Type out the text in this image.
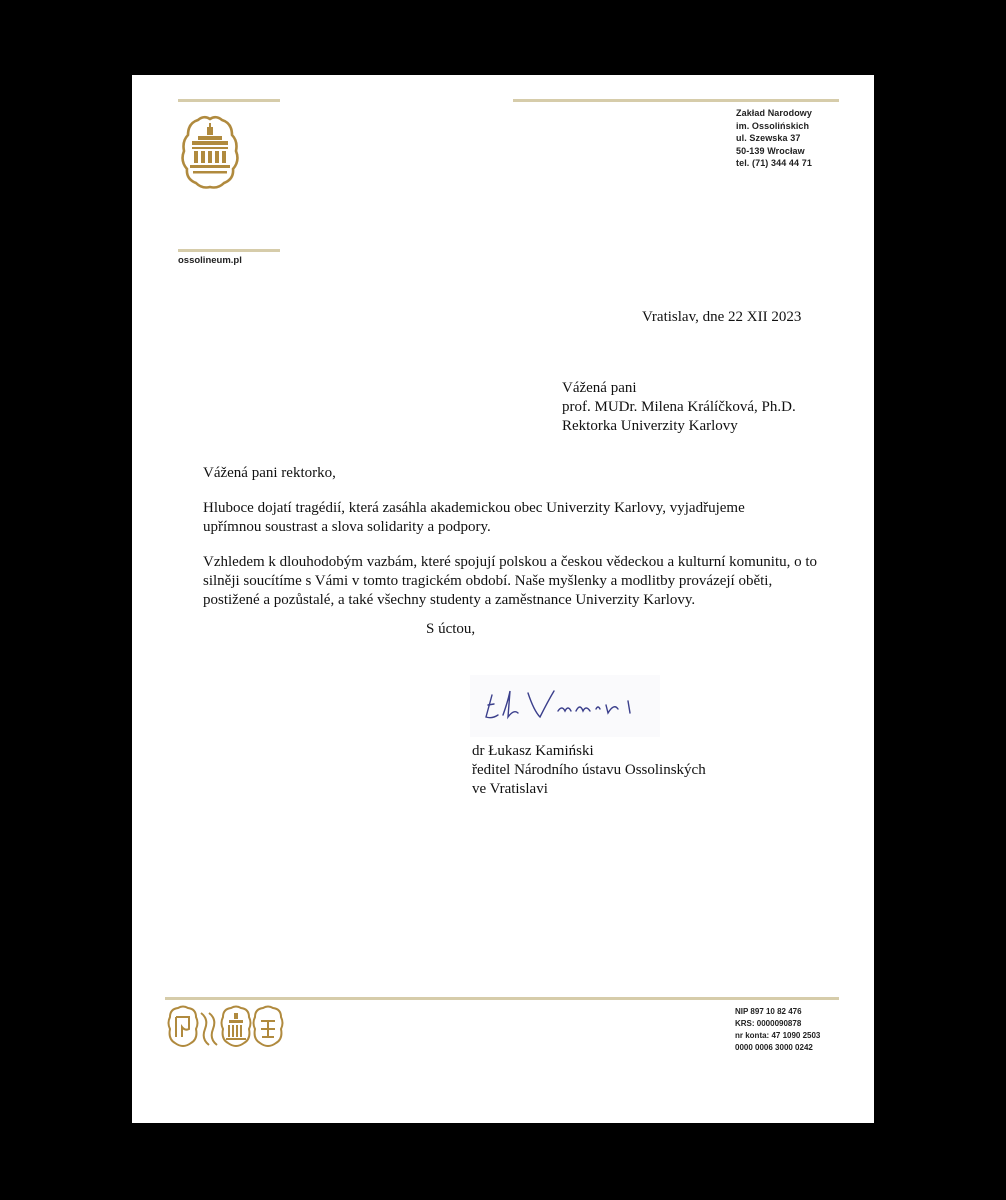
Zakład Narodowy
im. Ossolińskich
ul. Szewska 37
50-139 Wrocław
tel. (71) 344 44 71
ossolineum.pl
Vratislav, dne 22 XII 2023
Vážená pani
prof. MUDr. Milena Králíčková, Ph.D.
Rektorka Univerzity Karlovy
Vážená pani rektorko,
Hluboce dojatí tragédií, která zasáhla akademickou obec Univerzity Karlovy, vyjadřujeme upřímnou soustrast a slova solidarity a podpory.
Vzhledem k dlouhodobým vazbám, které spojují polskou a českou vědeckou a kulturní komunitu, o to silněji soucítíme s Vámi v tomto tragickém období. Naše myšlenky a modlitby provázejí oběti, postižené a pozůstalé, a také všechny studenty a zaměstnance Univerzity Karlovy.
S úctou,
dr Łukasz Kamiński
ředitel Národního ústavu Ossolinských
ve Vratislavi
NIP 897 10 82 476
KRS: 0000090878
nr konta: 47 1090 2503
0000 0006 3000 0242
